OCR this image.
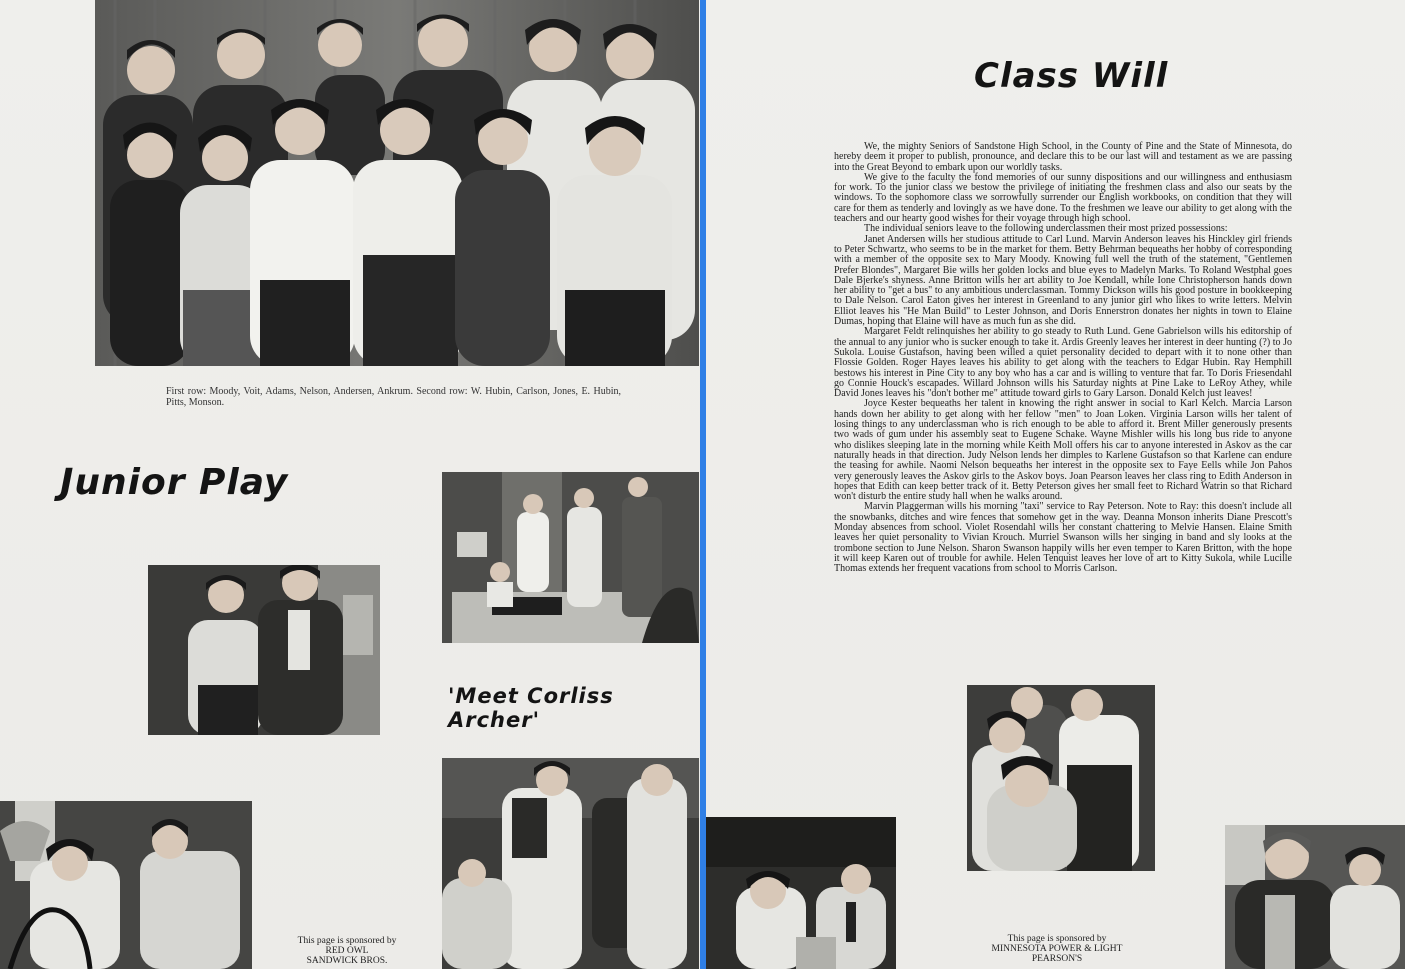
First row: Moody, Voit, Adams, Nelson, Andersen, Ankrum. Second row: W. Hubin, Carlson, Jones, E. Hubin, Pitts, Monson.
Junior Play
'Meet Corliss Archer'
This page is sponsored by
RED OWL
SANDWICK BROS.
Class Will

We, the mighty Seniors of Sandstone High School, in the County of Pine and the State of Minnesota, do hereby deem it proper to publish, pronounce, and declare this to be our last will and testament as we are passing into the Great Beyond to embark upon our worldly tasks.

We give to the faculty the fond memories of our sunny dispositions and our willingness and enthusiasm for work. To the junior class we bestow the privilege of initiating the freshmen class and also our seats by the windows. To the sophomore class we sorrowfully surrender our English workbooks, on condition that they will care for them as tenderly and lovingly as we have done. To the freshmen we leave our ability to get along with the teachers and our hearty good wishes for their voyage through high school.

The individual seniors leave to the following underclassmen their most prized possessions:

Janet Andersen wills her studious attitude to Carl Lund. Marvin Anderson leaves his Hinckley girl friends to Peter Schwartz, who seems to be in the market for them. Betty Behrman bequeaths her hobby of corresponding with a member of the opposite sex to Mary Moody. Knowing full well the truth of the statement, "Gentlemen Prefer Blondes", Margaret Bie wills her golden locks and blue eyes to Madelyn Marks. To Roland Westphal goes Dale Bjerke's shyness. Anne Britton wills her art ability to Joe Kendall, while Ione Christopherson hands down her ability to "get a bus" to any ambitious underclassman. Tommy Dickson wills his good posture in bookkeeping to Dale Nelson. Carol Eaton gives her interest in Greenland to any junior girl who likes to write letters. Melvin Elliot leaves his "He Man Build" to Lester Johnson, and Doris Ennerstron donates her nights in town to Elaine Dumas, hoping that Elaine will have as much fun as she did.

Margaret Feldt relinquishes her ability to go steady to Ruth Lund. Gene Gabrielson wills his editorship of the annual to any junior who is sucker enough to take it. Ardis Greenly leaves her interest in deer hunting (?) to Jo Sukola. Louise Gustafson, having been willed a quiet personality decided to depart with it to none other than Flossie Golden. Roger Hayes leaves his ability to get along with the teachers to Edgar Hubin. Ray Hemphill bestows his interest in Pine City to any boy who has a car and is willing to venture that far. To Doris Friesendahl go Connie Houck's escapades. Willard Johnson wills his Saturday nights at Pine Lake to LeRoy Athey, while David Jones leaves his "don't bother me" attitude toward girls to Gary Larson. Donald Kelch just leaves!

Joyce Kester bequeaths her talent in knowing the right answer in social to Karl Kelch. Marcia Larson hands down her ability to get along with her fellow "men" to Joan Loken. Virginia Larson wills her talent of losing things to any underclassman who is rich enough to be able to afford it. Brent Miller generously presents two wads of gum under his assembly seat to Eugene Schake. Wayne Mishler wills his long bus ride to anyone who dislikes sleeping late in the morning while Keith Moll offers his car to anyone interested in Askov as the car naturally heads in that direction. Judy Nelson lends her dimples to Karlene Gustafson so that Karlene can endure the teasing for awhile. Naomi Nelson bequeaths her interest in the opposite sex to Faye Eells while Jon Pahos very generously leaves the Askov girls to the Askov boys. Joan Pearson leaves her class ring to Edith Anderson in hopes that Edith can keep better track of it. Betty Peterson gives her small feet to Richard Watrin so that Richard won't disturb the entire study hall when he walks around.

Marvin Plaggerman wills his morning "taxi" service to Ray Peterson. Note to Ray: this doesn't include all the snowbanks, ditches and wire fences that somehow get in the way. Deanna Monson inherits Diane Prescott's Monday absences from school. Violet Rosendahl wills her constant chattering to Melvie Hansen. Elaine Smith leaves her quiet personality to Vivian Krouch. Murriel Swanson wills her singing in band and sly looks at the trombone section to June Nelson. Sharon Swanson happily wills her even temper to Karen Britton, with the hope it will keep Karen out of trouble for awhile. Helen Tenquist leaves her love of art to Kitty Sukola, while Lucille Thomas extends her frequent vacations from school to Morris Carlson.

This page is sponsored by
MINNESOTA POWER & LIGHT
PEARSON'S
